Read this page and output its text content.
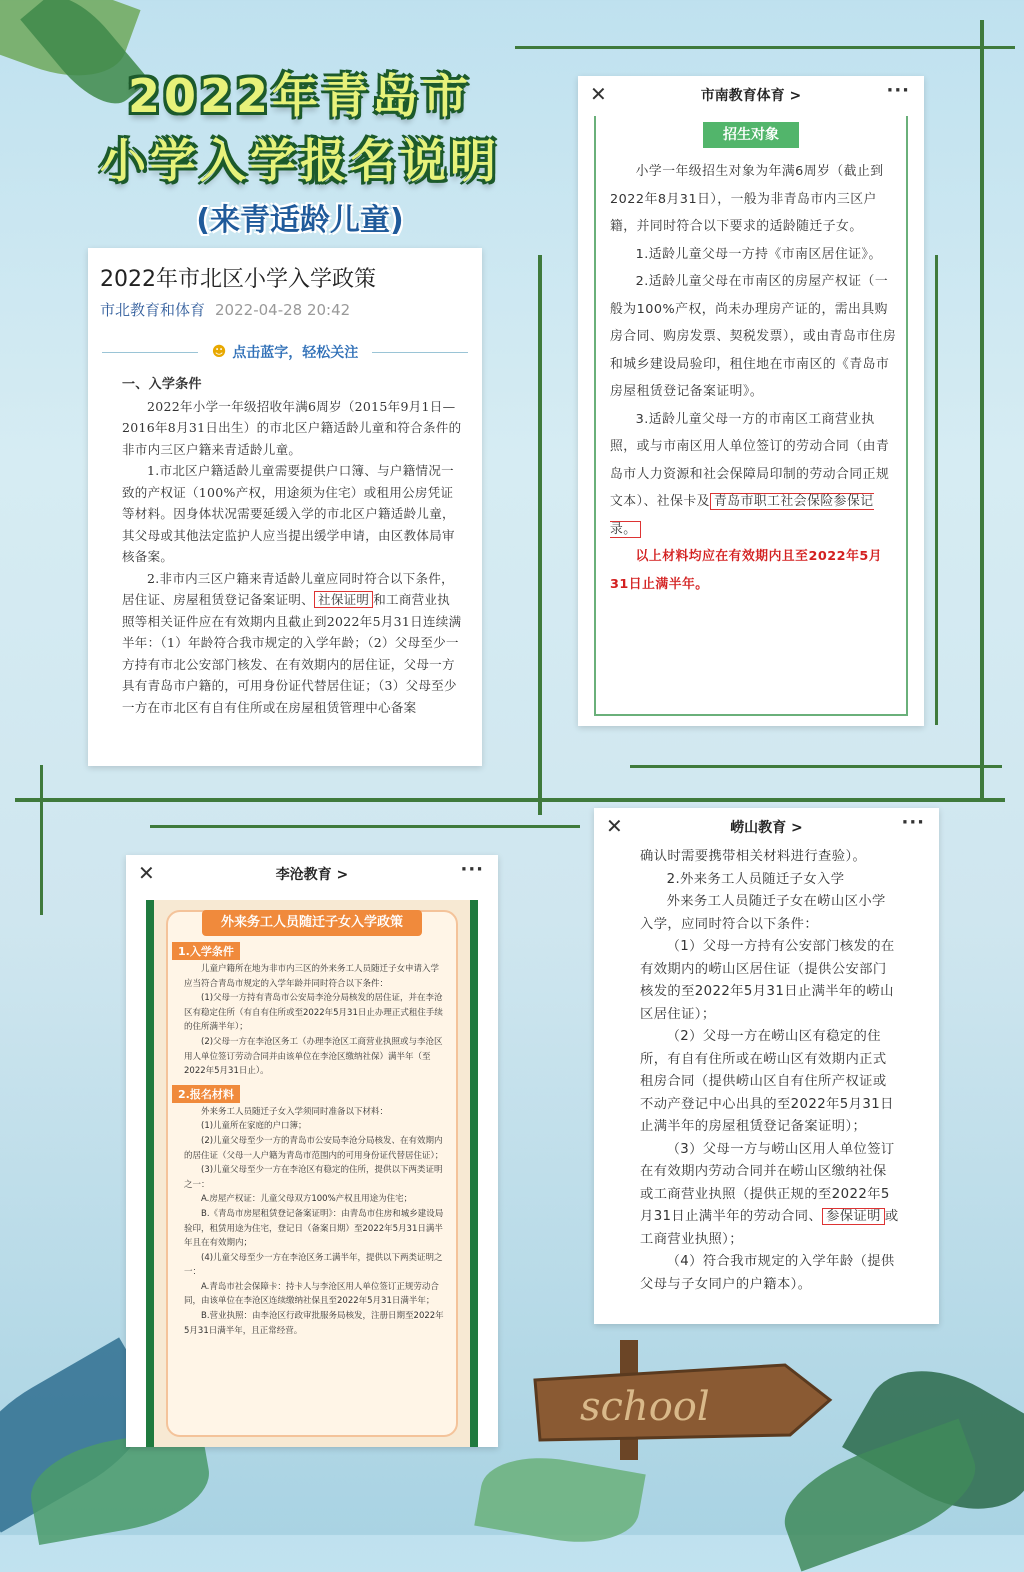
2022年青岛市
小学入学报名说明
(来青适龄儿童)
2022年市北区小学入学政策
市北教育和体育 2022-04-28 20:42
☻ 点击蓝字，轻松关注
一、入学条件

2022年小学一年级招收年满6周岁（2015年9月1日—2016年8月31日出生）的市北区户籍适龄儿童和符合条件的非市内三区户籍来青适龄儿童。

1.市北区户籍适龄儿童需要提供户口簿、与户籍情况一致的产权证（100%产权，用途须为住宅）或租用公房凭证等材料。因身体状况需要延缓入学的市北区户籍适龄儿童，其父母或其他法定监护人应当提出缓学申请，由区教体局审核备案。

2.非市内三区户籍来青适龄儿童应同时符合以下条件，居住证、房屋租赁登记备案证明、 社保证明 和工商营业执照等相关证件应在有效期内且截止到2022年5月31日连续满半年：（1）年龄符合我市规定的入学年龄；（2）父母至少一方持有市北公安部门核发、在有效期内的居住证，父母一方具有青岛市户籍的，可用身份证代替居住证；（3）父母至少一方在市北区有自有住所或在房屋租赁管理中心备案

✕	市南教育体育 >	···
招生对象

小学一年级招生对象为年满6周岁（截止到2022年8月31日），一般为非青岛市内三区户籍，并同时符合以下要求的适龄随迁子女。

1.适龄儿童父母一方持《市南区居住证》。

2.适龄儿童父母在市南区的房屋产权证（一般为100%产权，尚未办理房产证的，需出具购房合同、购房发票、契税发票），或由青岛市住房和城乡建设局验印，租住地在市南区的《青岛市房屋租赁登记备案证明》。

3.适龄儿童父母一方的市南区工商营业执照，或与市南区用人单位签订的劳动合同（由青岛市人力资源和社会保障局印制的劳动合同正规文本）、社保卡及 青岛市职工社会保险参保记录。

以上材料均应在有效期内且至2022年5月31日止满半年。

✕	李沧教育 >	···
外来务工人员随迁子女入学政策
1.入学条件

儿童户籍所在地为非市内三区的外来务工人员随迁子女申请入学应当符合青岛市规定的入学年龄并同时符合以下条件：

(1)父母一方持有青岛市公安局李沧分局核发的居住证，并在李沧区有稳定住所（有自有住所或至2022年5月31日止办理正式租住手续的住所满半年）；

(2)父母一方在李沧区务工（办理李沧区工商营业执照或与李沧区用人单位签订劳动合同并由该单位在李沧区缴纳社保）满半年（至2022年5月31日止）。

2.报名材料

外来务工人员随迁子女入学须同时准备以下材料：

(1)儿童所在家庭的户口簿；

(2)儿童父母至少一方的青岛市公安局李沧分局核发、在有效期内的居住证（父母一人户籍为青岛市范围内的可用身份证代替居住证）；

(3)儿童父母至少一方在李沧区有稳定的住所，提供以下两类证明之一：

A.房屋产权证：儿童父母双方100%产权且用途为住宅；

B.《青岛市房屋租赁登记备案证明》：由青岛市住房和城乡建设局验印，租赁用途为住宅，登记日（备案日期）至2022年5月31日满半年且在有效期内；

(4)儿童父母至少一方在李沧区务工满半年，提供以下两类证明之一：

A.青岛市社会保障卡：持卡人与李沧区用人单位签订正规劳动合同，由该单位在李沧区连续缴纳社保且至2022年5月31日满半年；

B.营业执照：由李沧区行政审批服务局核发，注册日期至2022年5月31日满半年，且正常经营。

✕	崂山教育 >	···

确认时需要携带相关材料进行查验）。

2.外来务工人员随迁子女入学

外来务工人员随迁子女在崂山区小学入学，应同时符合以下条件：

（1）父母一方持有公安部门核发的在有效期内的崂山区居住证（提供公安部门核发的至2022年5月31日止满半年的崂山区居住证）；

（2）父母一方在崂山区有稳定的住所，有自有住所或在崂山区有效期内正式租房合同（提供崂山区自有住所产权证或不动产登记中心出具的至2022年5月31日止满半年的房屋租赁登记备案证明）；

（3）父母一方与崂山区用人单位签订在有效期内劳动合同并在崂山区缴纳社保或工商营业执照（提供正规的至2022年5月31日止满半年的劳动合同、 参保证明 或工商营业执照）；

（4）符合我市规定的入学年龄（提供父母与子女同户的户籍本）。

school
